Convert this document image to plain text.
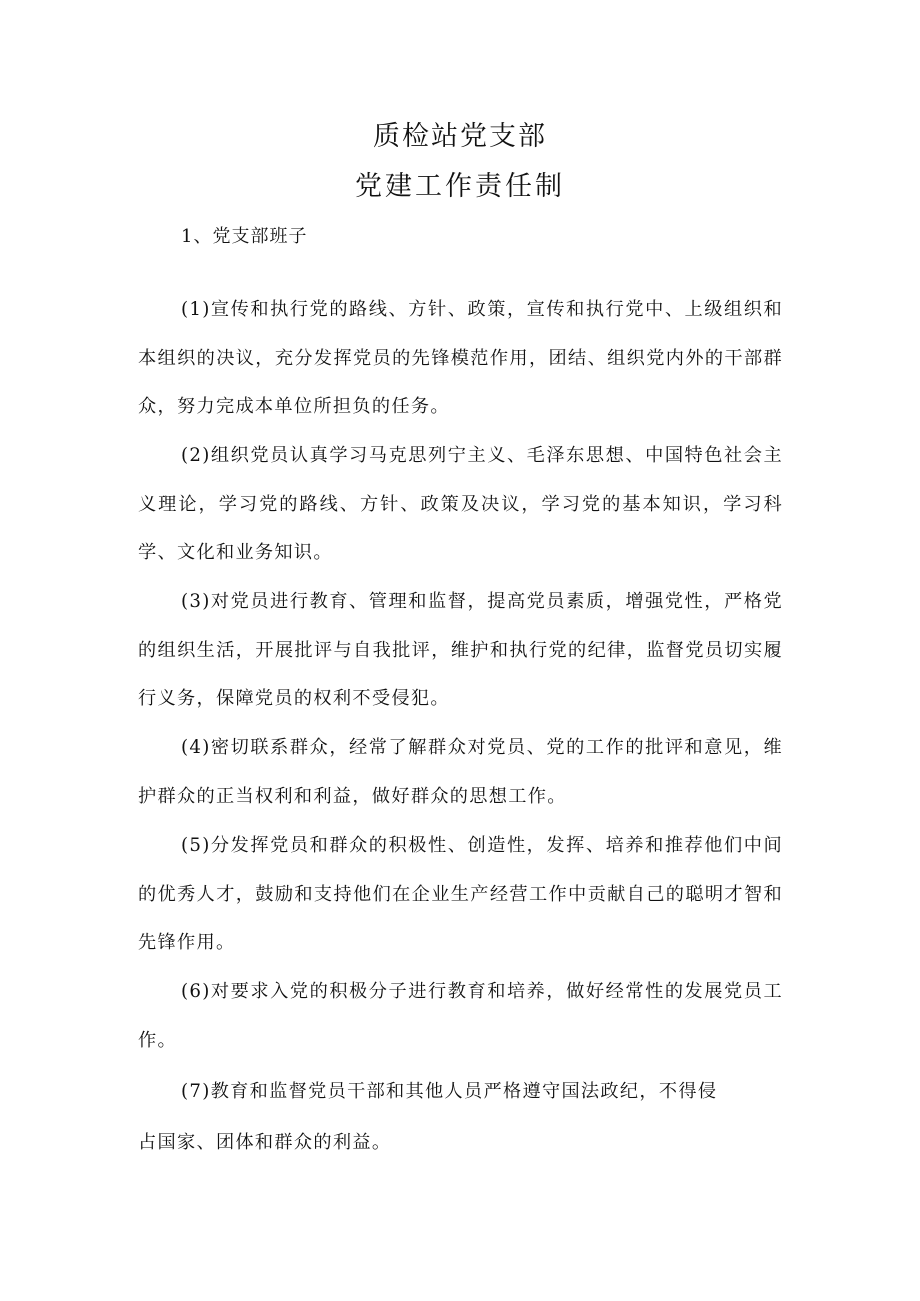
质检站党支部
党建工作责任制
1、党支部班子
(1)宣传和执行党的路线、方针、政策，宣传和执行党中、上级组织和本组织的决议，充分发挥党员的先锋模范作用，团结、组织党内外的干部群众，努力完成本单位所担负的任务。
(2)组织党员认真学习马克思列宁主义、毛泽东思想、中国特色社会主义理论，学习党的路线、方针、政策及决议，学习党的基本知识，学习科学、文化和业务知识。
(3)对党员进行教育、管理和监督，提高党员素质，增强党性，严格党的组织生活，开展批评与自我批评，维护和执行党的纪律，监督党员切实履行义务，保障党员的权利不受侵犯。
(4)密切联系群众，经常了解群众对党员、党的工作的批评和意见，维护群众的正当权利和利益，做好群众的思想工作。
(5)分发挥党员和群众的积极性、创造性，发挥、培养和推荐他们中间的优秀人才，鼓励和支持他们在企业生产经营工作中贡献自己的聪明才智和先锋作用。
(6)对要求入党的积极分子进行教育和培养，做好经常性的发展党员工作。
(7)教育和监督党员干部和其他人员严格遵守国法政纪，不得侵
占国家、团体和群众的利益。
